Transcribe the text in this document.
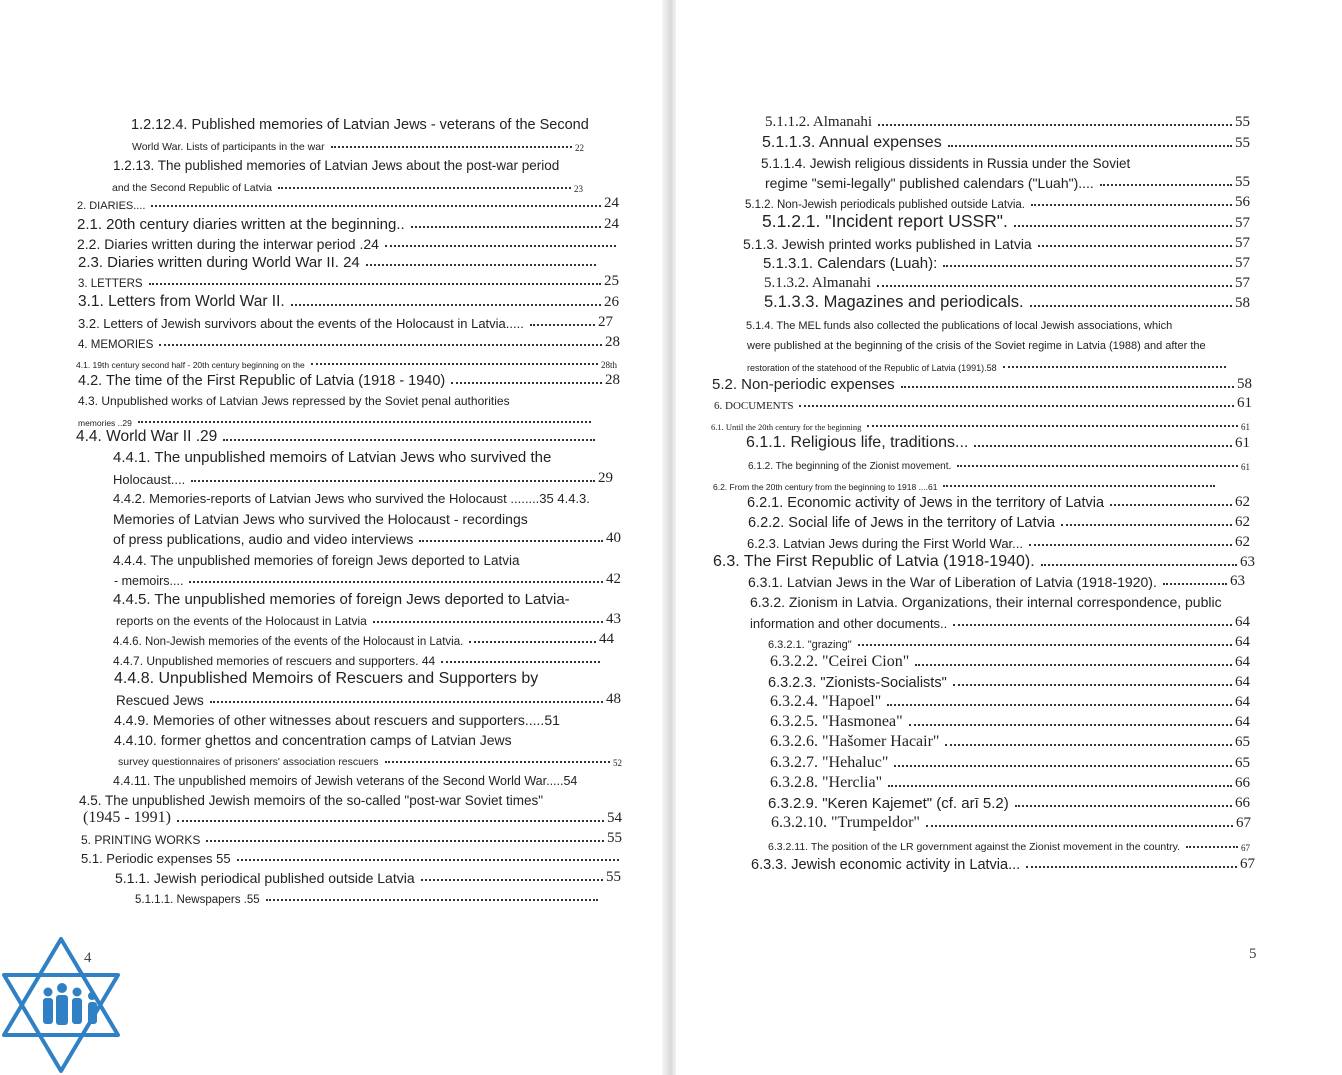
1.2.12.4. Published memories of Latvian Jews - veterans of the Second
World War. Lists of participants in the war	22
1.2.13. The published memories of Latvian Jews about the post-war period
and the Second Republic of Latvia	23
2. DIARIES....	24
2.1. 20th century diaries written at the beginning..	24
2.2. Diaries written during the interwar period .24
2.3. Diaries written during World War II. 24
3. LETTERS	25
3.1. Letters from World War II.	26
3.2. Letters of Jewish survivors about the events of the Holocaust in Latvia.....	27
4. MEMORIES	28
4.1. 19th century second half - 20th century beginning on the	28th
4.2. The time of the First Republic of Latvia (1918 - 1940)	28
4.3. Unpublished works of Latvian Jews repressed by the Soviet penal authorities
memories ..29
4.4. World War II .29
4.4.1. The unpublished memoirs of Latvian Jews who survived the
Holocaust....	29
4.4.2. Memories-reports of Latvian Jews who survived the Holocaust ........35 4.4.3.
Memories of Latvian Jews who survived the Holocaust - recordings
of press publications, audio and video interviews	40
4.4.4. The unpublished memories of foreign Jews deported to Latvia
- memoirs....	42
4.4.5. The unpublished memories of foreign Jews deported to Latvia-
reports on the events of the Holocaust in Latvia	43
4.4.6. Non-Jewish memories of the events of the Holocaust in Latvia.	44
4.4.7. Unpublished memories of rescuers and supporters. 44
4.4.8. Unpublished Memoirs of Rescuers and Supporters by
Rescued Jews	48
4.4.9. Memories of other witnesses about rescuers and supporters.....51
4.4.10. former ghettos and concentration camps of Latvian Jews
survey questionnaires of prisoners' association rescuers	52
4.4.11. The unpublished memoirs of Jewish veterans of the Second World War.....54
4.5. The unpublished Jewish memoirs of the so-called "post-war Soviet times"
(1945 - 1991)	54
5. PRINTING WORKS	55
5.1. Periodic expenses 55
5.1.1. Jewish periodical published outside Latvia	55
5.1.1.1. Newspapers .55
5.1.1.2. Almanahi	55
5.1.1.3. Annual expenses	55
5.1.1.4. Jewish religious dissidents in Russia under the Soviet
regime "semi-legally" published calendars ("Luah")....	55
5.1.2. Non-Jewish periodicals published outside Latvia.	56
5.1.2.1. "Incident report USSR".	57
5.1.3. Jewish printed works published in Latvia	57
5.1.3.1. Calendars (Luah):	57
5.1.3.2. Almanahi	57
5.1.3.3. Magazines and periodicals.	58
5.1.4. The MEL funds also collected the publications of local Jewish associations, which
were published at the beginning of the crisis of the Soviet regime in Latvia (1988) and after the
restoration of the statehood of the Republic of Latvia (1991).58
5.2. Non-periodic expenses	58
6. DOCUMENTS	61
6.1. Until the 20th century for the beginning	61
6.1.1. Religious life, traditions...	61
6.1.2. The beginning of the Zionist movement.	61
6.2. From the 20th century from the beginning to 1918 ....61
6.2.1. Economic activity of Jews in the territory of Latvia	62
6.2.2. Social life of Jews in the territory of Latvia	62
6.2.3. Latvian Jews during the First World War...	62
6.3. The First Republic of Latvia (1918-1940).	63
6.3.1. Latvian Jews in the War of Liberation of Latvia (1918-1920).	63
6.3.2. Zionism in Latvia. Organizations, their internal correspondence, public
information and other documents..	64
6.3.2.1. "grazing"	64
6.3.2.2. "Ceirei Cion"	64
6.3.2.3. "Zionists-Socialists"	64
6.3.2.4. "Hapoel"	64
6.3.2.5. "Hasmonea"	64
6.3.2.6. "Hašomer Hacair"	65
6.3.2.7. "Hehaluc"	65
6.3.2.8. "Herclia"	66
6.3.2.9. "Keren Kajemet" (cf. arī 5.2)	66
6.3.2.10. "Trumpeldor"	67
6.3.2.11. The position of the LR government against the Zionist movement in the country.	67
6.3.3. Jewish economic activity in Latvia...	67
4	5
